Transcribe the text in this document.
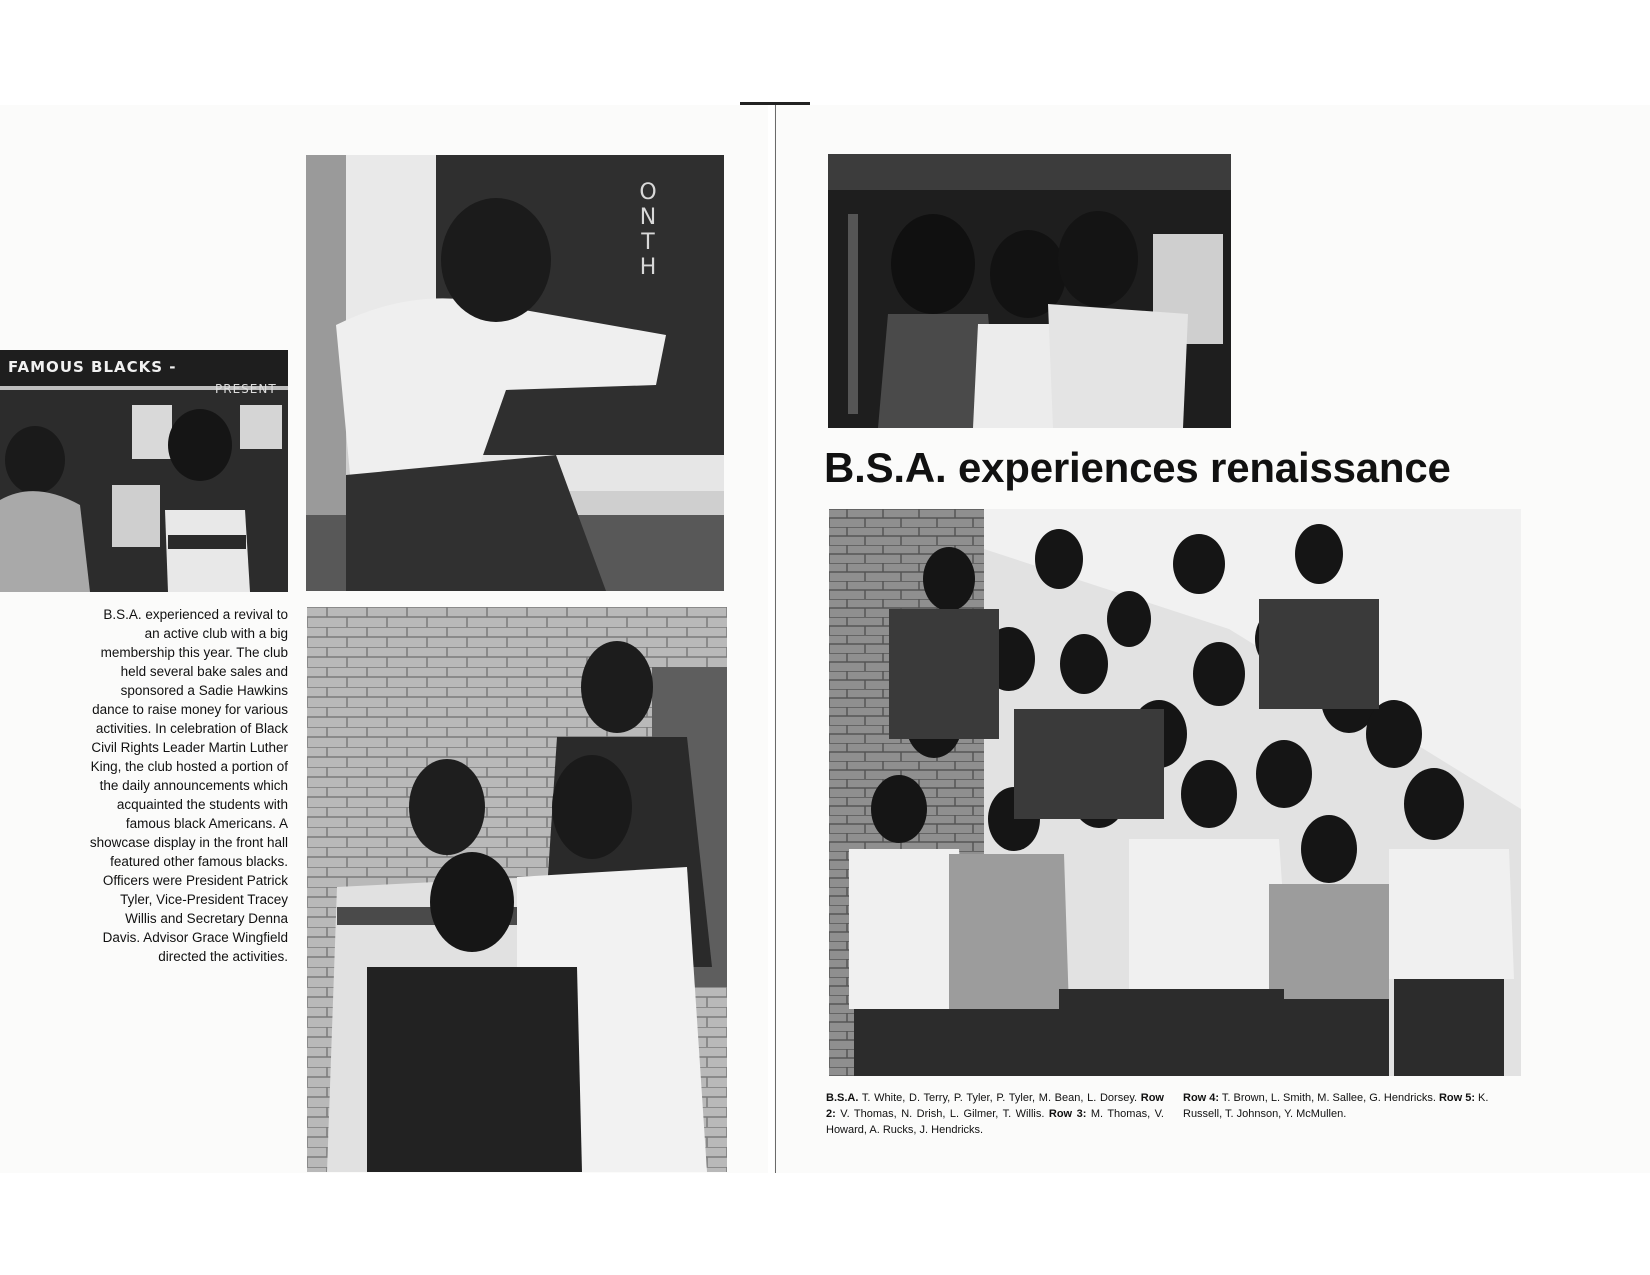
FAMOUS BLACKS -
PRESENT
O
N
T
H
B.S.A. experienced a revival to an active club with a big membership this year. The club held several bake sales and sponsored a Sadie Hawkins dance to raise money for various activities. In celebration of Black Civil Rights Leader Martin Luther King, the club hosted a portion of the daily announcements which acquainted the students with famous black Americans. A showcase display in the front hall featured other famous blacks. Officers were President Patrick Tyler, Vice-President Tracey Willis and Secretary Denna Davis. Advisor Grace Wingfield directed the activities.
B.S.A. experiences renaissance
B.S.A. T. White, D. Terry, P. Tyler, P. Tyler, M. Bean, L. Dorsey. Row 2: V. Thomas, N. Drish, L. Gilmer, T. Willis. Row 3: M. Thomas, V. Howard, A. Rucks, J. Hendricks.
Row 4: T. Brown, L. Smith, M. Sallee, G. Hendricks. Row 5: K. Russell, T. Johnson, Y. McMullen.
